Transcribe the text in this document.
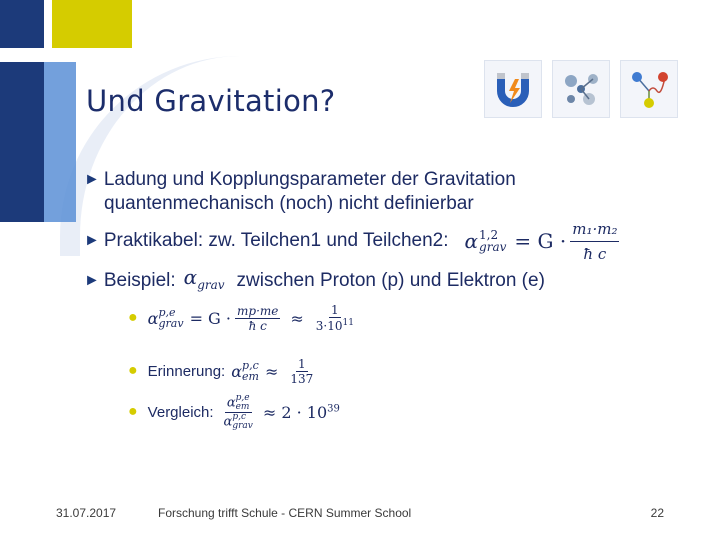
Und Gravitation?
► Ladung und Kopplungsparameter der Gravitation
quantenmechanisch (noch) nicht definierbar
► Praktikabel: zw. Teilchen1 und Teilchen2: α 1,2
grav = $G \cdot \frac{\text{m₁·m₂}}{\text{ħ c}}$
► Beispiel: $\alpha_{grav}$ zwischen Proton (p) und Elektron (e)
● α p,e
grav = $G \cdot \frac{mp\cdot me}{\text{ħ c}} \approx \frac{1}{3\cdot 10^{11}}$
● Erinnerung: α p,c
em ≈ $\frac{1}{137}$
● Vergleich: α p,e
em
α p,c
grav ≈ $2 \cdot 10^{39}$
31.07.2017	Forschung trifft Schule - CERN Summer School	22
